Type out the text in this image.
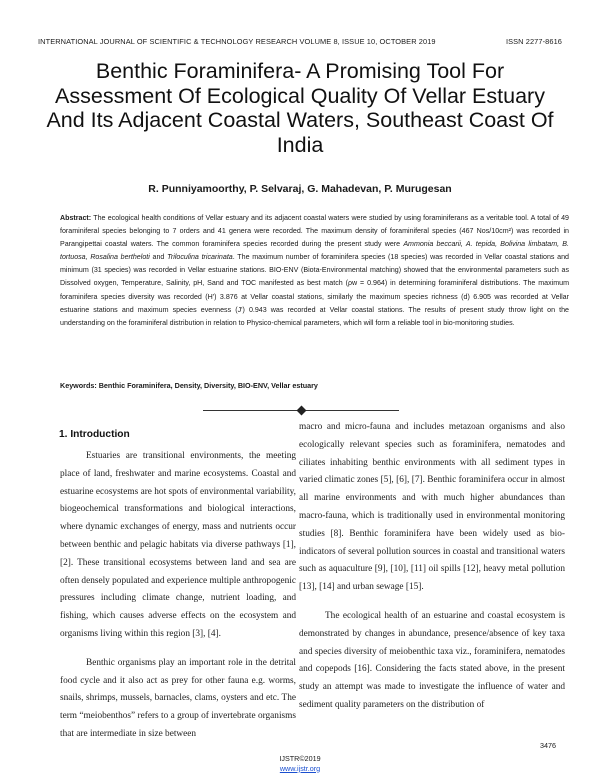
INTERNATIONAL JOURNAL OF SCIENTIFIC & TECHNOLOGY RESEARCH VOLUME 8, ISSUE 10, OCTOBER 2019	ISSN 2277-8616
Benthic Foraminifera- A Promising Tool For Assessment Of Ecological Quality Of Vellar Estuary And Its Adjacent Coastal Waters, Southeast Coast Of India
R. Punniyamoorthy, P. Selvaraj, G. Mahadevan, P. Murugesan
Abstract: The ecological health conditions of Vellar estuary and its adjacent coastal waters were studied by using foraminiferans as a veritable tool. A total of 49 foraminiferal species belonging to 7 orders and 41 genera were recorded. The maximum density of foraminiferal species (467 Nos/10cm²) was recorded in Parangipettai coastal waters. The common foraminifera species recorded during the present study were Ammonia beccarii, A. tepida, Bolivina limbatam, B. tortuosa, Rosalina bertheloti and Triloculina tricarinata. The maximum number of foraminifera species (18 species) was recorded in Vellar coastal stations and minimum (31 species) was recorded in Vellar estuarine stations. BIO-ENV (Biota-Environmental matching) showed that the environmental parameters such as Dissolved oxygen, Temperature, Salinity, pH, Sand and TOC manifested as best match (ρw = 0.964) in determining foraminiferal distributions. The maximum foraminifera species diversity was recorded (H') 3.876 at Vellar coastal stations, similarly the maximum species richness (d) 6.905 was recorded at Vellar estuarine stations and maximum species evenness (J') 0.943 was recorded at Vellar coastal stations. The results of present study throw light on the understanding on the foraminiferal distribution in relation to Physico-chemical parameters, which will form a reliable tool in bio-monitoring studies.
Keywords: Benthic Foraminifera, Density, Diversity, BIO-ENV, Vellar estuary
1. Introduction

Estuaries are transitional environments, the meeting place of land, freshwater and marine ecosystems. Coastal and estuarine ecosystems are hot spots of environmental variability, biogeochemical transformations and biological interactions, where dynamic exchanges of energy, mass and nutrients occur between benthic and pelagic habitats via diverse pathways [1], [2]. These transitional ecosystems between land and sea are often densely populated and experience multiple anthropogenic pressures including climate change, nutrient loading, and fishing, which causes adverse effects on the ecosystem and organisms living within this region [3], [4].

Benthic organisms play an important role in the detrital food cycle and it also act as prey for other fauna e.g. worms, snails, shrimps, mussels, barnacles, clams, oysters and etc. The term “meiobenthos” refers to a group of invertebrate organisms that are intermediate in size between

macro and micro-fauna and includes metazoan organisms and also ecologically relevant species such as foraminifera, nematodes and ciliates inhabiting benthic environments with all sediment types in varied climatic zones [5], [6], [7]. Benthic foraminifera occur in almost all marine environments and with much higher abundances than macro-fauna, which is traditionally used in environmental monitoring studies [8]. Benthic foraminifera have been widely used as bio-indicators of several pollution sources in coastal and transitional waters such as aquaculture [9], [10], [11] oil spills [12], heavy metal pollution [13], [14] and urban sewage [15].

The ecological health of an estuarine and coastal ecosystem is demonstrated by changes in abundance, presence/absence of key taxa and species diversity of meiobenthic taxa viz., foraminifera, nematodes and copepods [16]. Considering the facts stated above, in the present study an attempt was made to investigate the influence of water and sediment quality parameters on the distribution of

3476
IJSTR©2019
www.ijstr.org
